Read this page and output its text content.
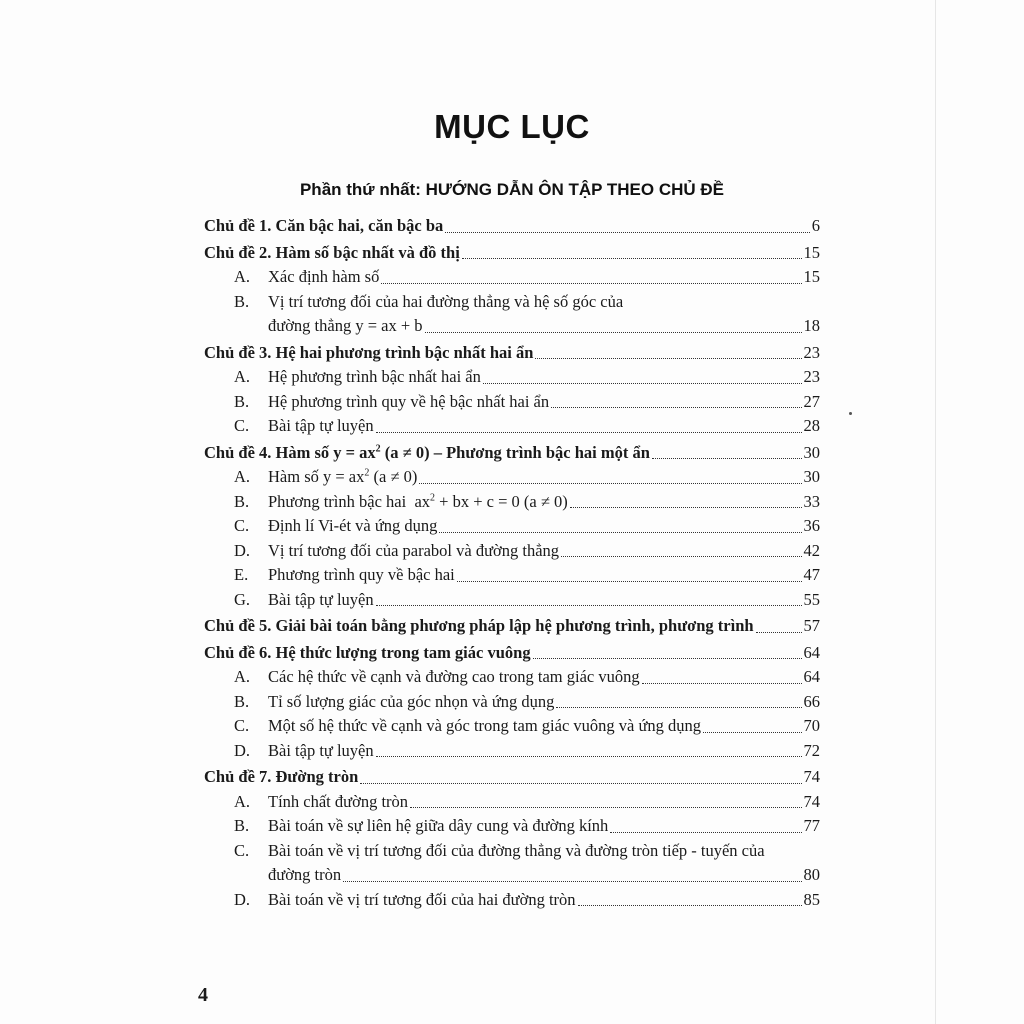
MỤC LỤC
Phần thứ nhất: HƯỚNG DẪN ÔN TẬP THEO CHỦ ĐỀ
Chủ đề 1. Căn bậc hai, căn bậc ba	6
Chủ đề 2. Hàm số bậc nhất và đồ thị	15
A.	Xác định hàm số	15
B.	Vị trí tương đối của hai đường thẳng và hệ số góc của
đường thẳng y = ax + b	18
Chủ đề 3. Hệ hai phương trình bậc nhất hai ẩn	23
A.	Hệ phương trình bậc nhất hai ẩn	23
B.	Hệ phương trình quy về hệ bậc nhất hai ẩn	27
C.	Bài tập tự luyện	28
Chủ đề 4. Hàm số $y = ax^2$ (a ≠ 0) – Phương trình bậc hai một ẩn	30
A.	Hàm số $y = ax^2$ (a ≠ 0)	30
B.	Phương trình bậc hai  $ax^2$ + bx + c = 0 (a ≠ 0)	33
C.	Định lí Vi-ét và ứng dụng	36
D.	Vị trí tương đối của parabol và đường thẳng	42
E.	Phương trình quy về bậc hai	47
G.	Bài tập tự luyện	55
Chủ đề 5. Giải bài toán bằng phương pháp lập hệ phương trình, phương trình	57
Chủ đề 6. Hệ thức lượng trong tam giác vuông	64
A.	Các hệ thức về cạnh và đường cao trong tam giác vuông	64
B.	Tỉ số lượng giác của góc nhọn và ứng dụng	66
C.	Một số hệ thức về cạnh và góc trong tam giác vuông và ứng dụng	70
D.	Bài tập tự luyện	72
Chủ đề 7. Đường tròn	74
A.	Tính chất đường tròn	74
B.	Bài toán về sự liên hệ giữa dây cung và đường kính	77
C.	Bài toán về vị trí tương đối của đường thẳng và đường tròn tiếp - tuyến của
đường tròn	80
D.	Bài toán về vị trí tương đối của hai đường tròn	85
4
